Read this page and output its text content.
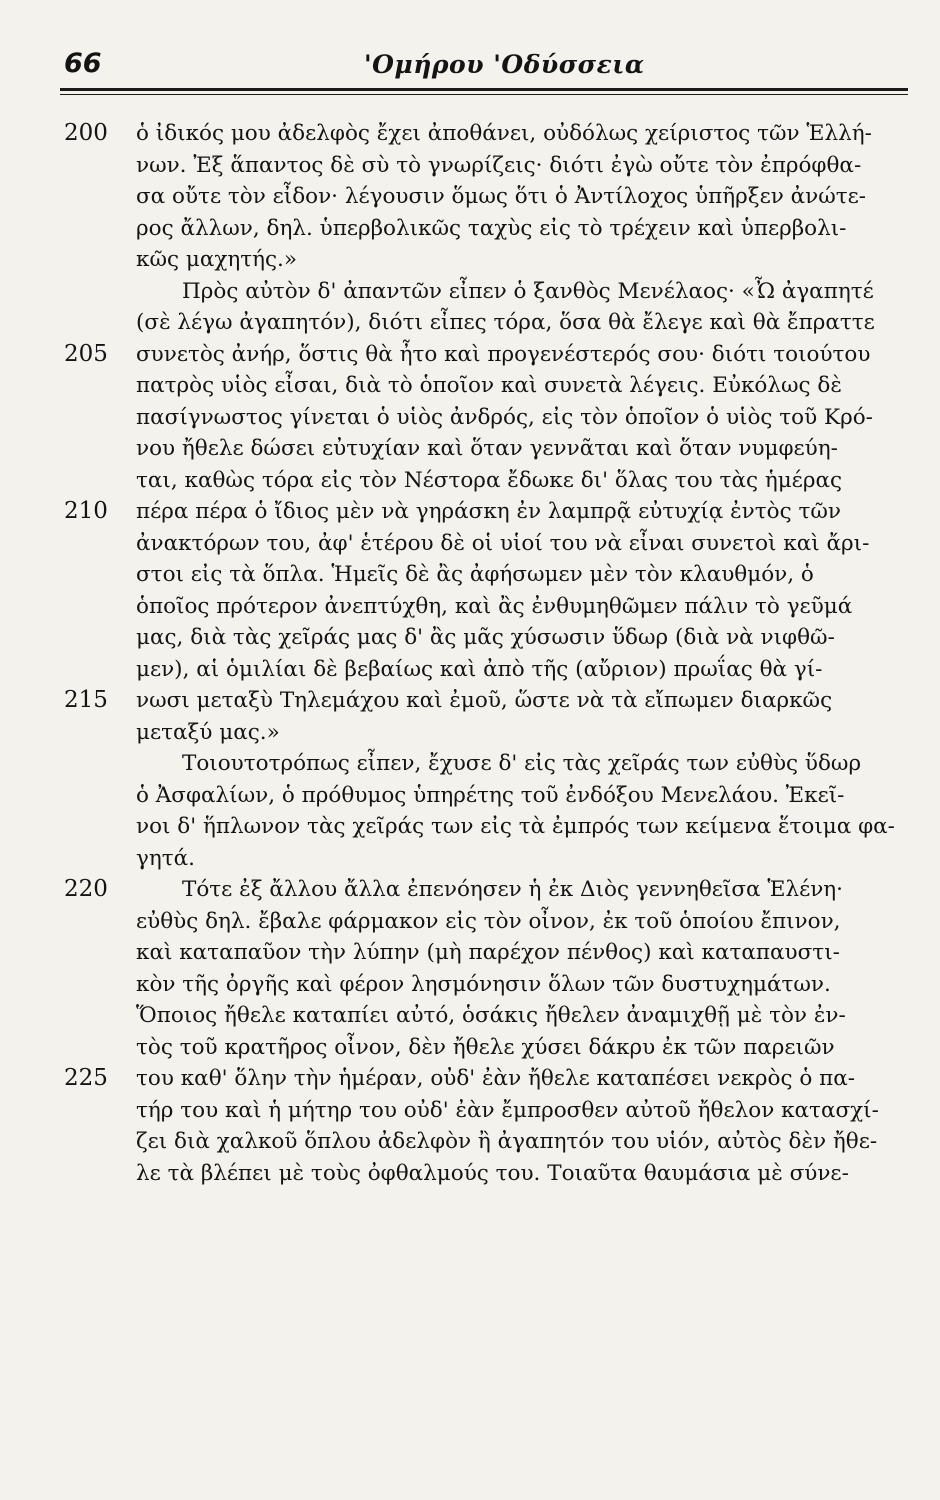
66	'Ομήρου 'Οδύσσεια
200	ὁ ἰδικός μου ἀδελφὸς ἔχει ἀποθάνει, οὐδόλως χείριστος τῶν Ἑλλή-
νων. Ἐξ ἅπαντος δὲ σὺ τὸ γνωρίζεις· διότι ἐγὼ οὔτε τὸν ἐπρόφθα-
σα οὔτε τὸν εἶδον· λέγουσιν ὅμως ὅτι ὁ Ἀντίλοχος ὑπῆρξεν ἀνώτε-
ρος ἄλλων, δηλ. ὑπερβολικῶς ταχὺς εἰς τὸ τρέχειν καὶ ὑπερβολι-
κῶς μαχητής.»
Πρὸς αὐτὸν δ' ἀπαντῶν εἶπεν ὁ ξανθὸς Μενέλαος· «Ὦ ἀγαπητέ
(σὲ λέγω ἀγαπητόν), διότι εἶπες τόρα, ὅσα θὰ ἔλεγε καὶ θὰ ἔπραττε
205	συνετὸς ἀνήρ, ὅστις θὰ ἦτο καὶ προγενέστερός σου· διότι τοιούτου
πατρὸς υἱὸς εἶσαι, διὰ τὸ ὁποῖον καὶ συνετὰ λέγεις. Εὐκόλως δὲ
πασίγνωστος γίνεται ὁ υἱὸς ἀνδρός, εἰς τὸν ὁποῖον ὁ υἱὸς τοῦ Κρό-
νου ἤθελε δώσει εὐτυχίαν καὶ ὅταν γεννᾶται καὶ ὅταν νυμφεύη-
ται, καθὼς τόρα εἰς τὸν Νέστορα ἔδωκε δι' ὅλας του τὰς ἡμέρας
210	πέρα πέρα ὁ ἴδιος μὲν νὰ γηράσκη ἐν λαμπρᾷ εὐτυχίᾳ ἐντὸς τῶν
ἀνακτόρων του, ἀφ' ἑτέρου δὲ οἱ υἱοί του νὰ εἶναι συνετοὶ καὶ ἄρι-
στοι εἰς τὰ ὅπλα. Ἡμεῖς δὲ ἂς ἀφήσωμεν μὲν τὸν κλαυθμόν, ὁ
ὁποῖος πρότερον ἀνεπτύχθη, καὶ ἂς ἐνθυμηθῶμεν πάλιν τὸ γεῦμά
μας, διὰ τὰς χεῖράς μας δ' ἂς μᾶς χύσωσιν ὕδωρ (διὰ νὰ νιφθῶ-
μεν), αἱ ὁμιλίαι δὲ βεβαίως καὶ ἀπὸ τῆς (αὔριον) πρωΐας θὰ γί-
215	νωσι μεταξὺ Τηλεμάχου καὶ ἐμοῦ, ὥστε νὰ τὰ εἴπωμεν διαρκῶς
μεταξύ μας.»
Τοιουτοτρόπως εἶπεν, ἔχυσε δ' εἰς τὰς χεῖράς των εὐθὺς ὕδωρ
ὁ Ἀσφαλίων, ὁ πρόθυμος ὑπηρέτης τοῦ ἐνδόξου Μενελάου. Ἐκεῖ-
νοι δ' ἥπλωνον τὰς χεῖράς των εἰς τὰ ἐμπρός των κείμενα ἕτοιμα φα-
γητά.
220	Τότε ἐξ ἄλλου ἄλλα ἐπενόησεν ἡ ἐκ Διὸς γεννηθεῖσα Ἑλένη·
εὐθὺς δηλ. ἔβαλε φάρμακον εἰς τὸν οἶνον, ἐκ τοῦ ὁποίου ἔπινον,
καὶ καταπαῦον τὴν λύπην (μὴ παρέχον πένθος) καὶ καταπαυστι-
κὸν τῆς ὀργῆς καὶ φέρον λησμόνησιν ὅλων τῶν δυστυχημάτων.
Ὅποιος ἤθελε καταπίει αὐτό, ὁσάκις ἤθελεν ἀναμιχθῇ μὲ τὸν ἐν-
τὸς τοῦ κρατῆρος οἶνον, δὲν ἤθελε χύσει δάκρυ ἐκ τῶν παρειῶν
225	του καθ' ὅλην τὴν ἡμέραν, οὐδ' ἐὰν ἤθελε καταπέσει νεκρὸς ὁ πα-
τήρ του καὶ ἡ μήτηρ του οὐδ' ἐὰν ἔμπροσθεν αὐτοῦ ἤθελον κατασχί-
ζει διὰ χαλκοῦ ὅπλου ἀδελφὸν ἢ ἀγαπητόν του υἱόν, αὐτὸς δὲν ἤθε-
λε τὰ βλέπει μὲ τοὺς ὀφθαλμούς του. Τοιαῦτα θαυμάσια μὲ σύνε-
